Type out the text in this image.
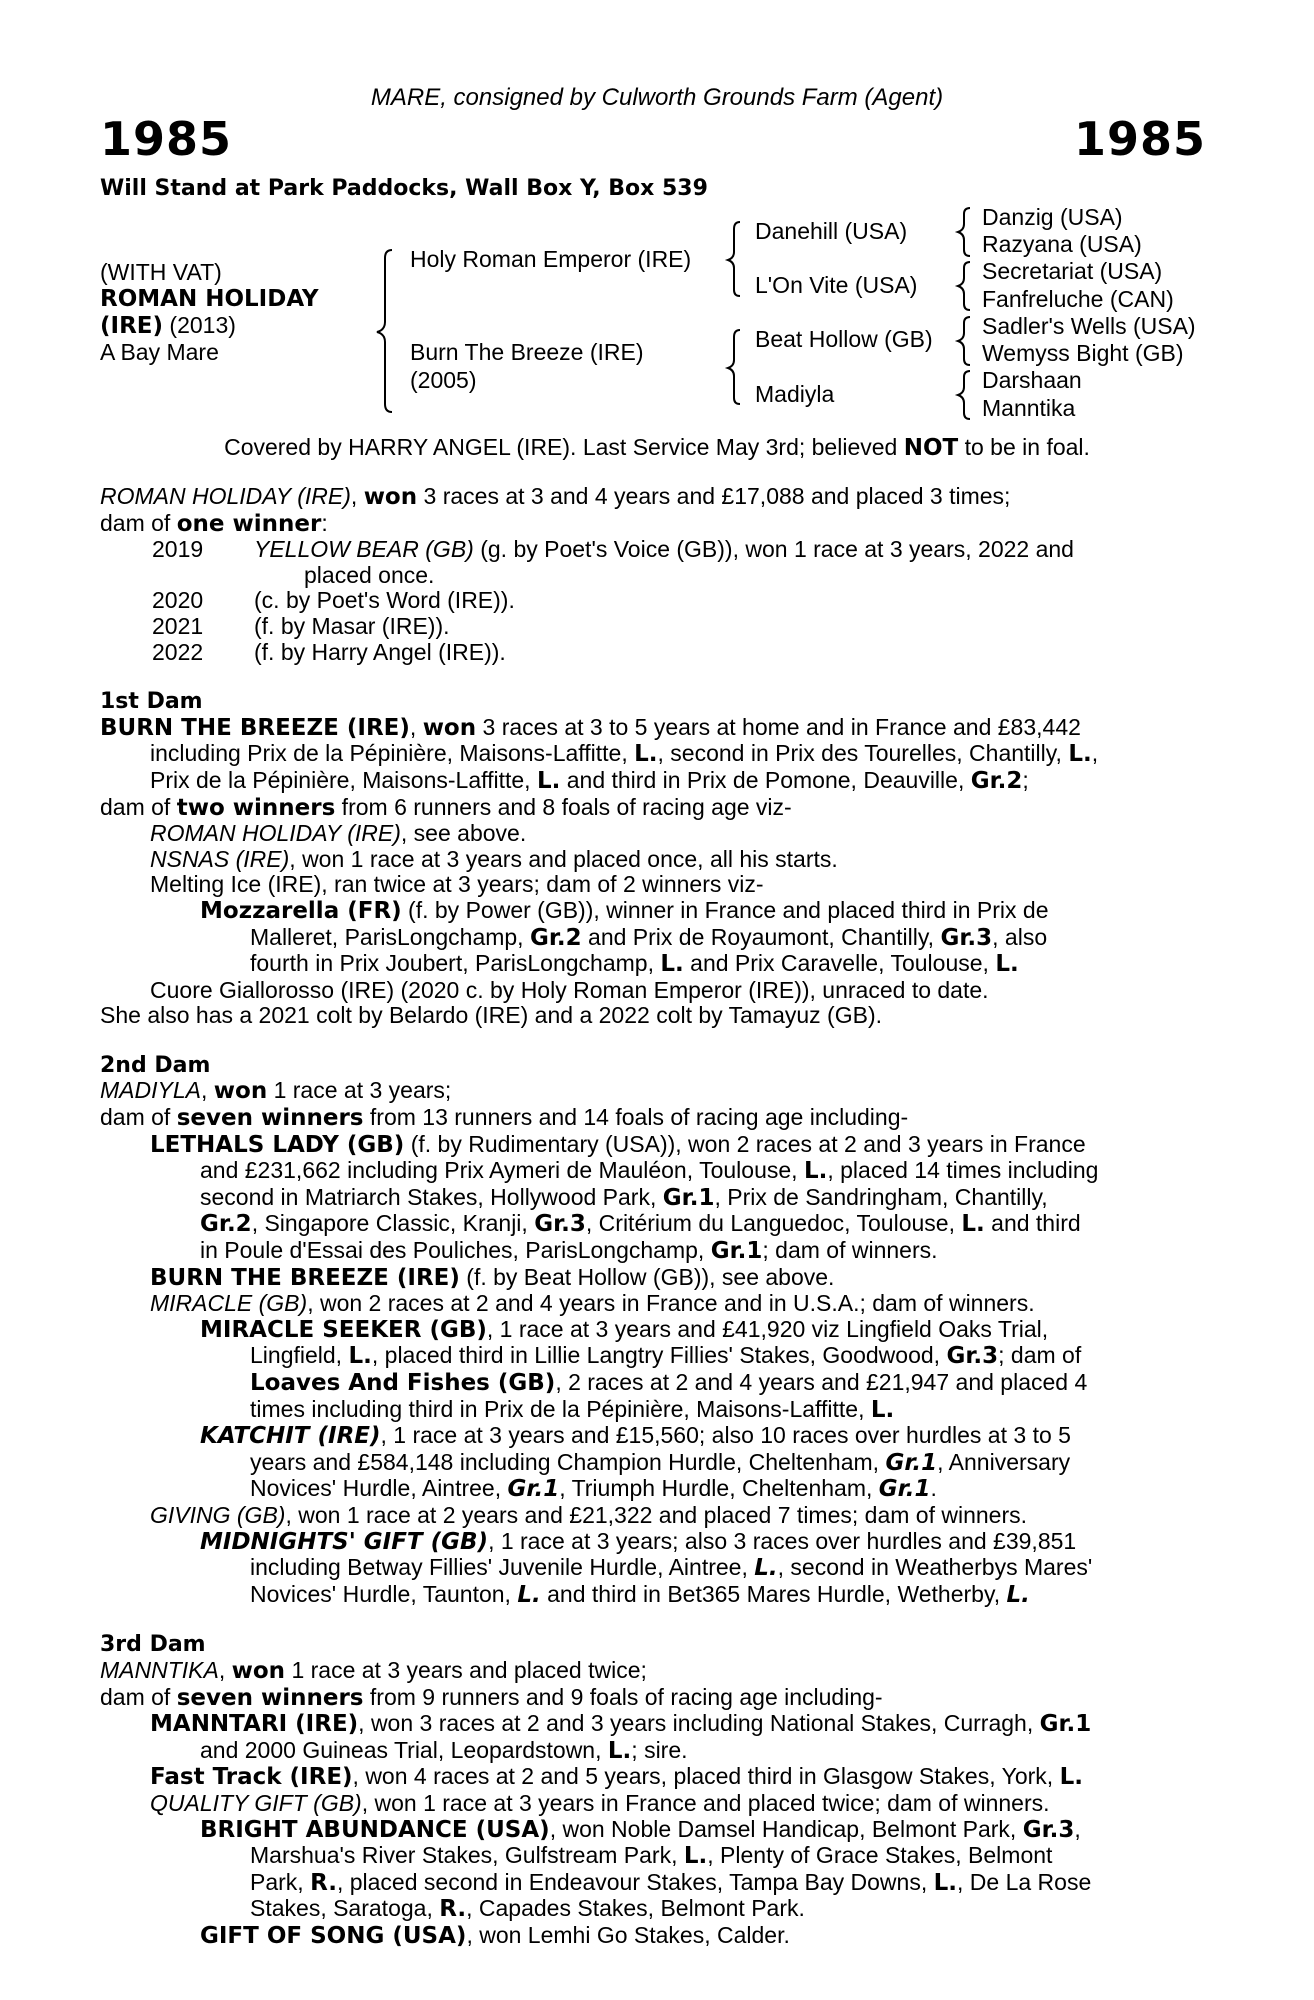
MARE, consigned by Culworth Grounds Farm (Agent)
1985	1985
Will Stand at Park Paddocks, Wall Box Y, Box 539
(WITH VAT)
ROMAN HOLIDAY
(IRE) (2013)
A Bay Mare
Holy Roman Emperor (IRE)
Burn The Breeze (IRE)
(2005)
Danehill (USA)
L'On Vite (USA)
Beat Hollow (GB)
Madiyla
Danzig (USA)
Razyana (USA)
Secretariat (USA)
Fanfreluche (CAN)
Sadler's Wells (USA)
Wemyss Bight (GB)
Darshaan
Manntika
Covered by HARRY ANGEL (IRE). Last Service May 3rd; believed NOT to be in foal.
ROMAN HOLIDAY (IRE), won 3 races at 3 and 4 years and £17,088 and placed 3 times;
dam of one winner:
2019	YELLOW BEAR (GB) (g. by Poet's Voice (GB)), won 1 race at 3 years, 2022 and
placed once.
2020	(c. by Poet's Word (IRE)).
2021	(f. by Masar (IRE)).
2022	(f. by Harry Angel (IRE)).
1st Dam
BURN THE BREEZE (IRE), won 3 races at 3 to 5 years at home and in France and £83,442
including Prix de la Pépinière, Maisons-Laffitte, L., second in Prix des Tourelles, Chantilly, L.,
Prix de la Pépinière, Maisons-Laffitte, L. and third in Prix de Pomone, Deauville, Gr.2;
dam of two winners from 6 runners and 8 foals of racing age viz-
ROMAN HOLIDAY (IRE), see above.
NSNAS (IRE), won 1 race at 3 years and placed once, all his starts.
Melting Ice (IRE), ran twice at 3 years; dam of 2 winners viz-
Mozzarella (FR) (f. by Power (GB)), winner in France and placed third in Prix de
Malleret, ParisLongchamp, Gr.2 and Prix de Royaumont, Chantilly, Gr.3, also
fourth in Prix Joubert, ParisLongchamp, L. and Prix Caravelle, Toulouse, L.
Cuore Giallorosso (IRE) (2020 c. by Holy Roman Emperor (IRE)), unraced to date.
She also has a 2021 colt by Belardo (IRE) and a 2022 colt by Tamayuz (GB).
2nd Dam
MADIYLA, won 1 race at 3 years;
dam of seven winners from 13 runners and 14 foals of racing age including-
LETHALS LADY (GB) (f. by Rudimentary (USA)), won 2 races at 2 and 3 years in France
and £231,662 including Prix Aymeri de Mauléon, Toulouse, L., placed 14 times including
second in Matriarch Stakes, Hollywood Park, Gr.1, Prix de Sandringham, Chantilly,
Gr.2, Singapore Classic, Kranji, Gr.3, Critérium du Languedoc, Toulouse, L. and third
in Poule d'Essai des Pouliches, ParisLongchamp, Gr.1; dam of winners.
BURN THE BREEZE (IRE) (f. by Beat Hollow (GB)), see above.
MIRACLE (GB), won 2 races at 2 and 4 years in France and in U.S.A.; dam of winners.
MIRACLE SEEKER (GB), 1 race at 3 years and £41,920 viz Lingfield Oaks Trial,
Lingfield, L., placed third in Lillie Langtry Fillies' Stakes, Goodwood, Gr.3; dam of
Loaves And Fishes (GB), 2 races at 2 and 4 years and £21,947 and placed 4
times including third in Prix de la Pépinière, Maisons-Laffitte, L.
KATCHIT (IRE), 1 race at 3 years and £15,560; also 10 races over hurdles at 3 to 5
years and £584,148 including Champion Hurdle, Cheltenham, Gr.1, Anniversary
Novices' Hurdle, Aintree, Gr.1, Triumph Hurdle, Cheltenham, Gr.1.
GIVING (GB), won 1 race at 2 years and £21,322 and placed 7 times; dam of winners.
MIDNIGHTS' GIFT (GB), 1 race at 3 years; also 3 races over hurdles and £39,851
including Betway Fillies' Juvenile Hurdle, Aintree, L., second in Weatherbys Mares'
Novices' Hurdle, Taunton, L. and third in Bet365 Mares Hurdle, Wetherby, L.
3rd Dam
MANNTIKA, won 1 race at 3 years and placed twice;
dam of seven winners from 9 runners and 9 foals of racing age including-
MANNTARI (IRE), won 3 races at 2 and 3 years including National Stakes, Curragh, Gr.1
and 2000 Guineas Trial, Leopardstown, L.; sire.
Fast Track (IRE), won 4 races at 2 and 5 years, placed third in Glasgow Stakes, York, L.
QUALITY GIFT (GB), won 1 race at 3 years in France and placed twice; dam of winners.
BRIGHT ABUNDANCE (USA), won Noble Damsel Handicap, Belmont Park, Gr.3,
Marshua's River Stakes, Gulfstream Park, L., Plenty of Grace Stakes, Belmont
Park, R., placed second in Endeavour Stakes, Tampa Bay Downs, L., De La Rose
Stakes, Saratoga, R., Capades Stakes, Belmont Park.
GIFT OF SONG (USA), won Lemhi Go Stakes, Calder.
